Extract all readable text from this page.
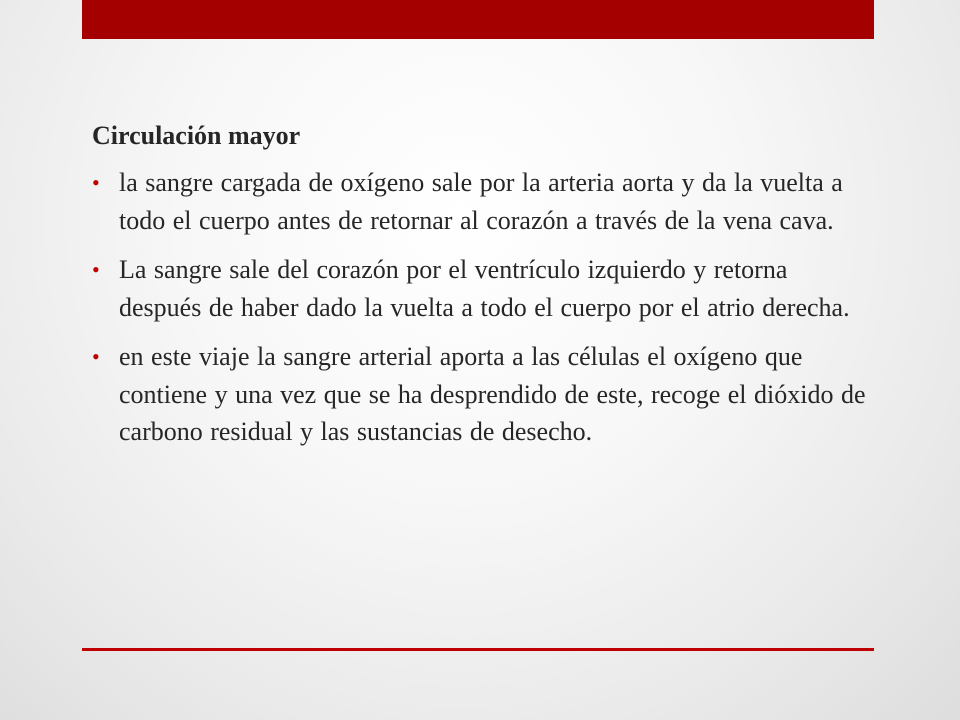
Circulación mayor
• la sangre cargada de oxígeno sale por la arteria aorta y da la vuelta a todo el cuerpo antes de retornar al corazón a través de la vena cava.
• La sangre sale del corazón por el ventrículo izquierdo y retorna después de haber dado la vuelta a todo el cuerpo por el atrio derecha.
• en este viaje la sangre arterial aporta a las células el oxígeno que contiene y una vez que se ha desprendido de este, recoge el dióxido de carbono residual y las sustancias de desecho.
